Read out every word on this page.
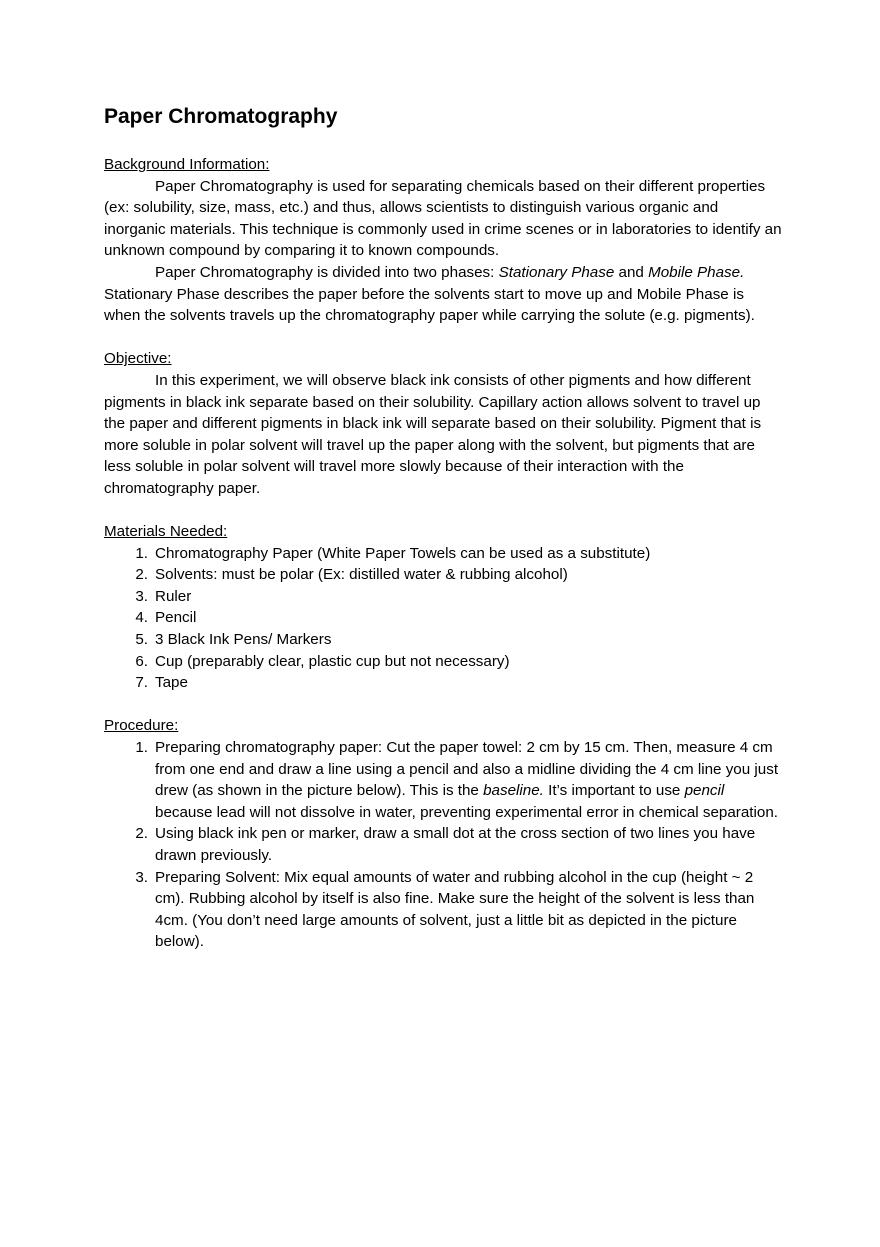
Paper Chromatography

Background Information:

Paper Chromatography is used for separating chemicals based on their different properties (ex: solubility, size, mass, etc.) and thus, allows scientists to distinguish various organic and inorganic materials. This technique is commonly used in crime scenes or in laboratories to identify an unknown compound by comparing it to known compounds.

Paper Chromatography is divided into two phases: Stationary Phase and Mobile Phase. Stationary Phase describes the paper before the solvents start to move up and Mobile Phase is when the solvents travels up the chromatography paper while carrying the solute (e.g. pigments).

Objective:

In this experiment, we will observe black ink consists of other pigments and how different pigments in black ink separate based on their solubility. Capillary action allows solvent to travel up the paper and different pigments in black ink will separate based on their solubility. Pigment that is more soluble in polar solvent will travel up the paper along with the solvent, but pigments that are less soluble in polar solvent will travel more slowly because of their interaction with the chromatography paper.

Materials Needed:

1. Chromatography Paper (White Paper Towels can be used as a substitute)
2. Solvents: must be polar (Ex: distilled water & rubbing alcohol)
3. Ruler
4. Pencil
5. 3 Black Ink Pens/ Markers
6. Cup (preparably clear, plastic cup but not necessary)
7. Tape

Procedure:

1. Preparing chromatography paper: Cut the paper towel: 2 cm by 15 cm. Then, measure 4 cm from one end and draw a line using a pencil and also a midline dividing the 4 cm line you just drew (as shown in the picture below). This is the baseline. It’s important to use pencil because lead will not dissolve in water, preventing experimental error in chemical separation.
2. Using black ink pen or marker, draw a small dot at the cross section of two lines you have drawn previously.
3. Preparing Solvent: Mix equal amounts of water and rubbing alcohol in the cup (height ~ 2 cm). Rubbing alcohol by itself is also fine. Make sure the height of the solvent is less than 4cm. (You don’t need large amounts of solvent, just a little bit as depicted in the picture below).
